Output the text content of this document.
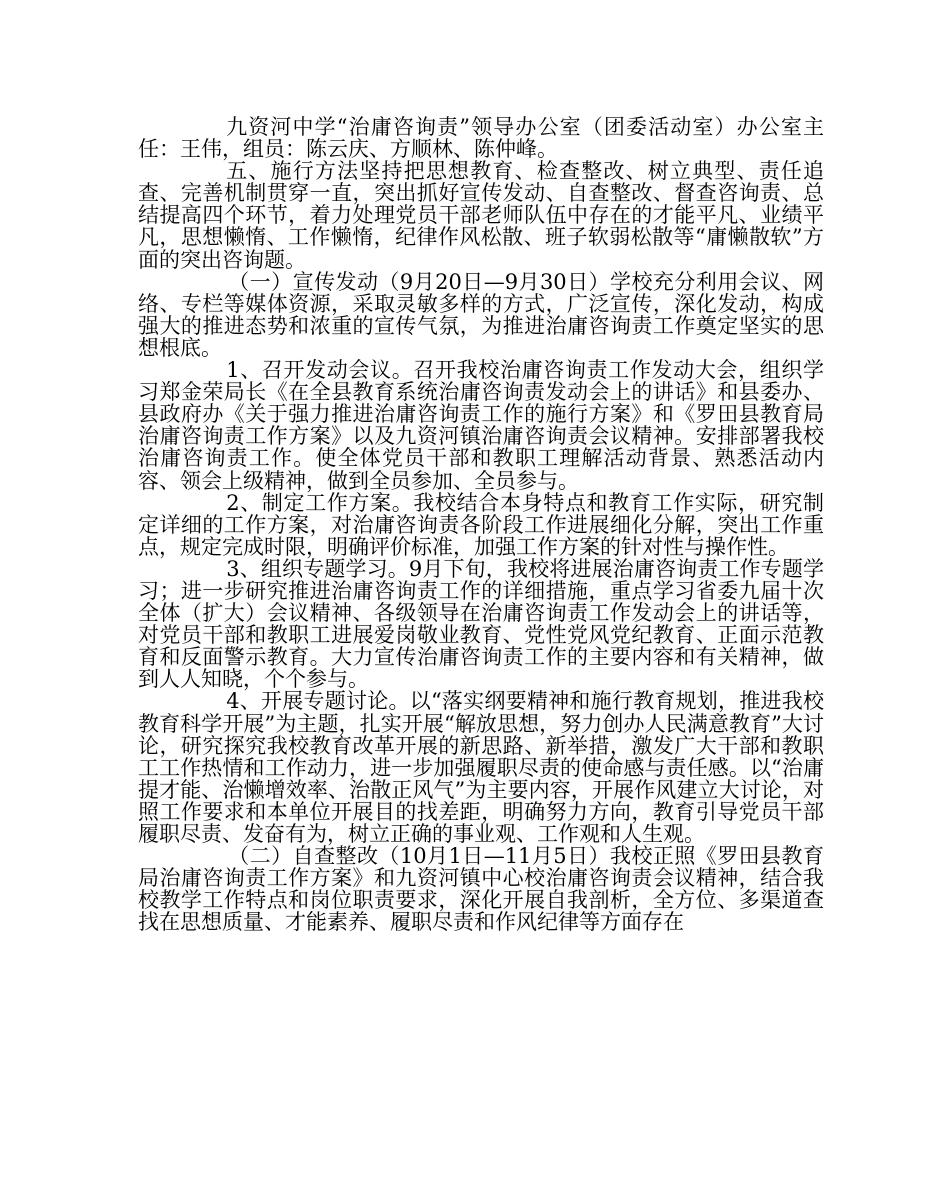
九资河中学“治庸咨询责”领导办公室（团委活动室）办公室主任：王伟，组员：陈云庆、方顺林、陈仲峰。

五、施行方法坚持把思想教育、检查整改、树立典型、责任追查、完善机制贯穿一直，突出抓好宣传发动、自查整改、督查咨询责、总结提高四个环节，着力处理党员干部老师队伍中存在的才能平凡、业绩平凡，思想懒惰、工作懒惰，纪律作风松散、班子软弱松散等“庸懒散软”方面的突出咨询题。

（一）宣传发动（9月20日—9月30日）学校充分利用会议、网络、专栏等媒体资源，采取灵敏多样的方式，广泛宣传，深化发动，构成强大的推进态势和浓重的宣传气氛，为推进治庸咨询责工作奠定坚实的思想根底。

1、召开发动会议。召开我校治庸咨询责工作发动大会，组织学习郑金荣局长《在全县教育系统治庸咨询责发动会上的讲话》和县委办、县政府办《关于强力推进治庸咨询责工作的施行方案》和《罗田县教育局治庸咨询责工作方案》以及九资河镇治庸咨询责会议精神。安排部署我校治庸咨询责工作。使全体党员干部和教职工理解活动背景、熟悉活动内容、领会上级精神，做到全员参加、全员参与。

2、制定工作方案。我校结合本身特点和教育工作实际，研究制定详细的工作方案，对治庸咨询责各阶段工作进展细化分解，突出工作重点，规定完成时限，明确评价标准，加强工作方案的针对性与操作性。

3、组织专题学习。9月下旬，我校将进展治庸咨询责工作专题学习；进一步研究推进治庸咨询责工作的详细措施，重点学习省委九届十次全体（扩大）会议精神、各级领导在治庸咨询责工作发动会上的讲话等，对党员干部和教职工进展爱岗敬业教育、党性党风党纪教育、正面示范教育和反面警示教育。大力宣传治庸咨询责工作的主要内容和有关精神，做到人人知晓，个个参与。

4、开展专题讨论。以“落实纲要精神和施行教育规划，推进我校教育科学开展”为主题，扎实开展“解放思想，努力创办人民满意教育”大讨论，研究探究我校教育改革开展的新思路、新举措，激发广大干部和教职工工作热情和工作动力，进一步加强履职尽责的使命感与责任感。以“治庸提才能、治懒增效率、治散正风气”为主要内容，开展作风建立大讨论，对照工作要求和本单位开展目的找差距，明确努力方向，教育引导党员干部履职尽责、发奋有为，树立正确的事业观、工作观和人生观。

（二）自查整改（10月1日—11月5日）我校正照《罗田县教育局治庸咨询责工作方案》和九资河镇中心校治庸咨询责会议精神，结合我校教学工作特点和岗位职责要求，深化开展自我剖析，全方位、多渠道查找在思想质量、才能素养、履职尽责和作风纪律等方面存在
